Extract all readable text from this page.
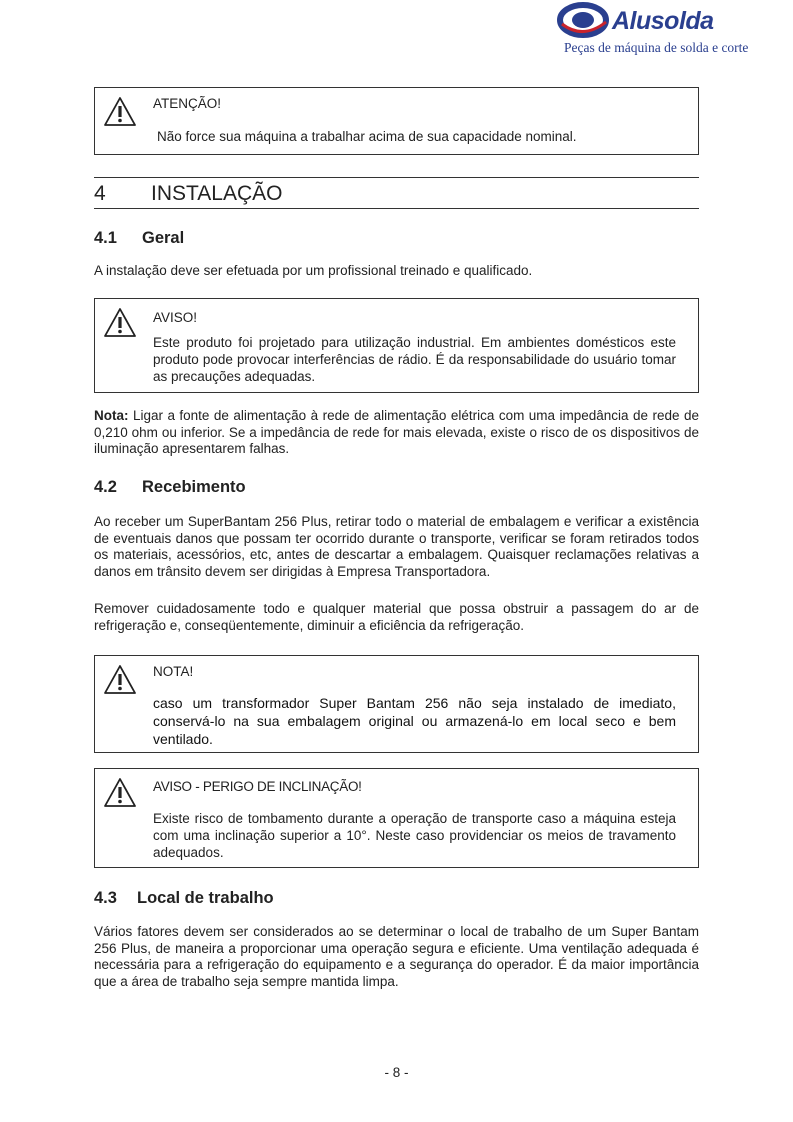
Alusolda
Peças de máquina de solda e corte
ATENÇÃO!
Não force sua máquina a trabalhar acima de sua capacidade nominal.
4 INSTALAÇÃO
4.1 Geral
A instalação deve ser efetuada por um profissional treinado e qualificado.
AVISO!
Este produto foi projetado para utilização industrial. Em ambientes domésticos este produto pode provocar interferências de rádio. É da responsabilidade do usuário tomar as precauções adequadas.
Nota: Ligar a fonte de alimentação à rede de alimentação elétrica com uma impedância de rede de 0,210 ohm ou inferior. Se a impedância de rede for mais elevada, existe o risco de os dispositivos de iluminação apresentarem falhas.
4.2 Recebimento
Ao receber um SuperBantam 256 Plus, retirar todo o material de embalagem e verificar a existência de eventuais danos que possam ter ocorrido durante o transporte, verificar se foram retirados todos os materiais, acessórios, etc, antes de descartar a embalagem. Quaisquer reclamações relativas a danos em trânsito devem ser dirigidas à Empresa Transportadora.
Remover cuidadosamente todo e qualquer material que possa obstruir a passagem do ar de refrigeração e, conseqüentemente, diminuir a eficiência da refrigeração.
NOTA!
caso um transformador Super Bantam 256 não seja instalado de imediato, conservá-lo na sua embalagem original ou armazená-lo em local seco e bem ventilado.
AVISO - PERIGO DE INCLINAÇÃO!
Existe risco de tombamento durante a operação de transporte caso a máquina esteja com uma inclinação superior a 10°. Neste caso providenciar os meios de travamento adequados.
4.3 Local de trabalho
Vários fatores devem ser considerados ao se determinar o local de trabalho de um Super Bantam 256 Plus, de maneira a proporcionar uma operação segura e eficiente. Uma ventilação adequada é necessária para a refrigeração do equipamento e a segurança do operador. É da maior importância que a área de trabalho seja sempre mantida limpa.
- 8 -
